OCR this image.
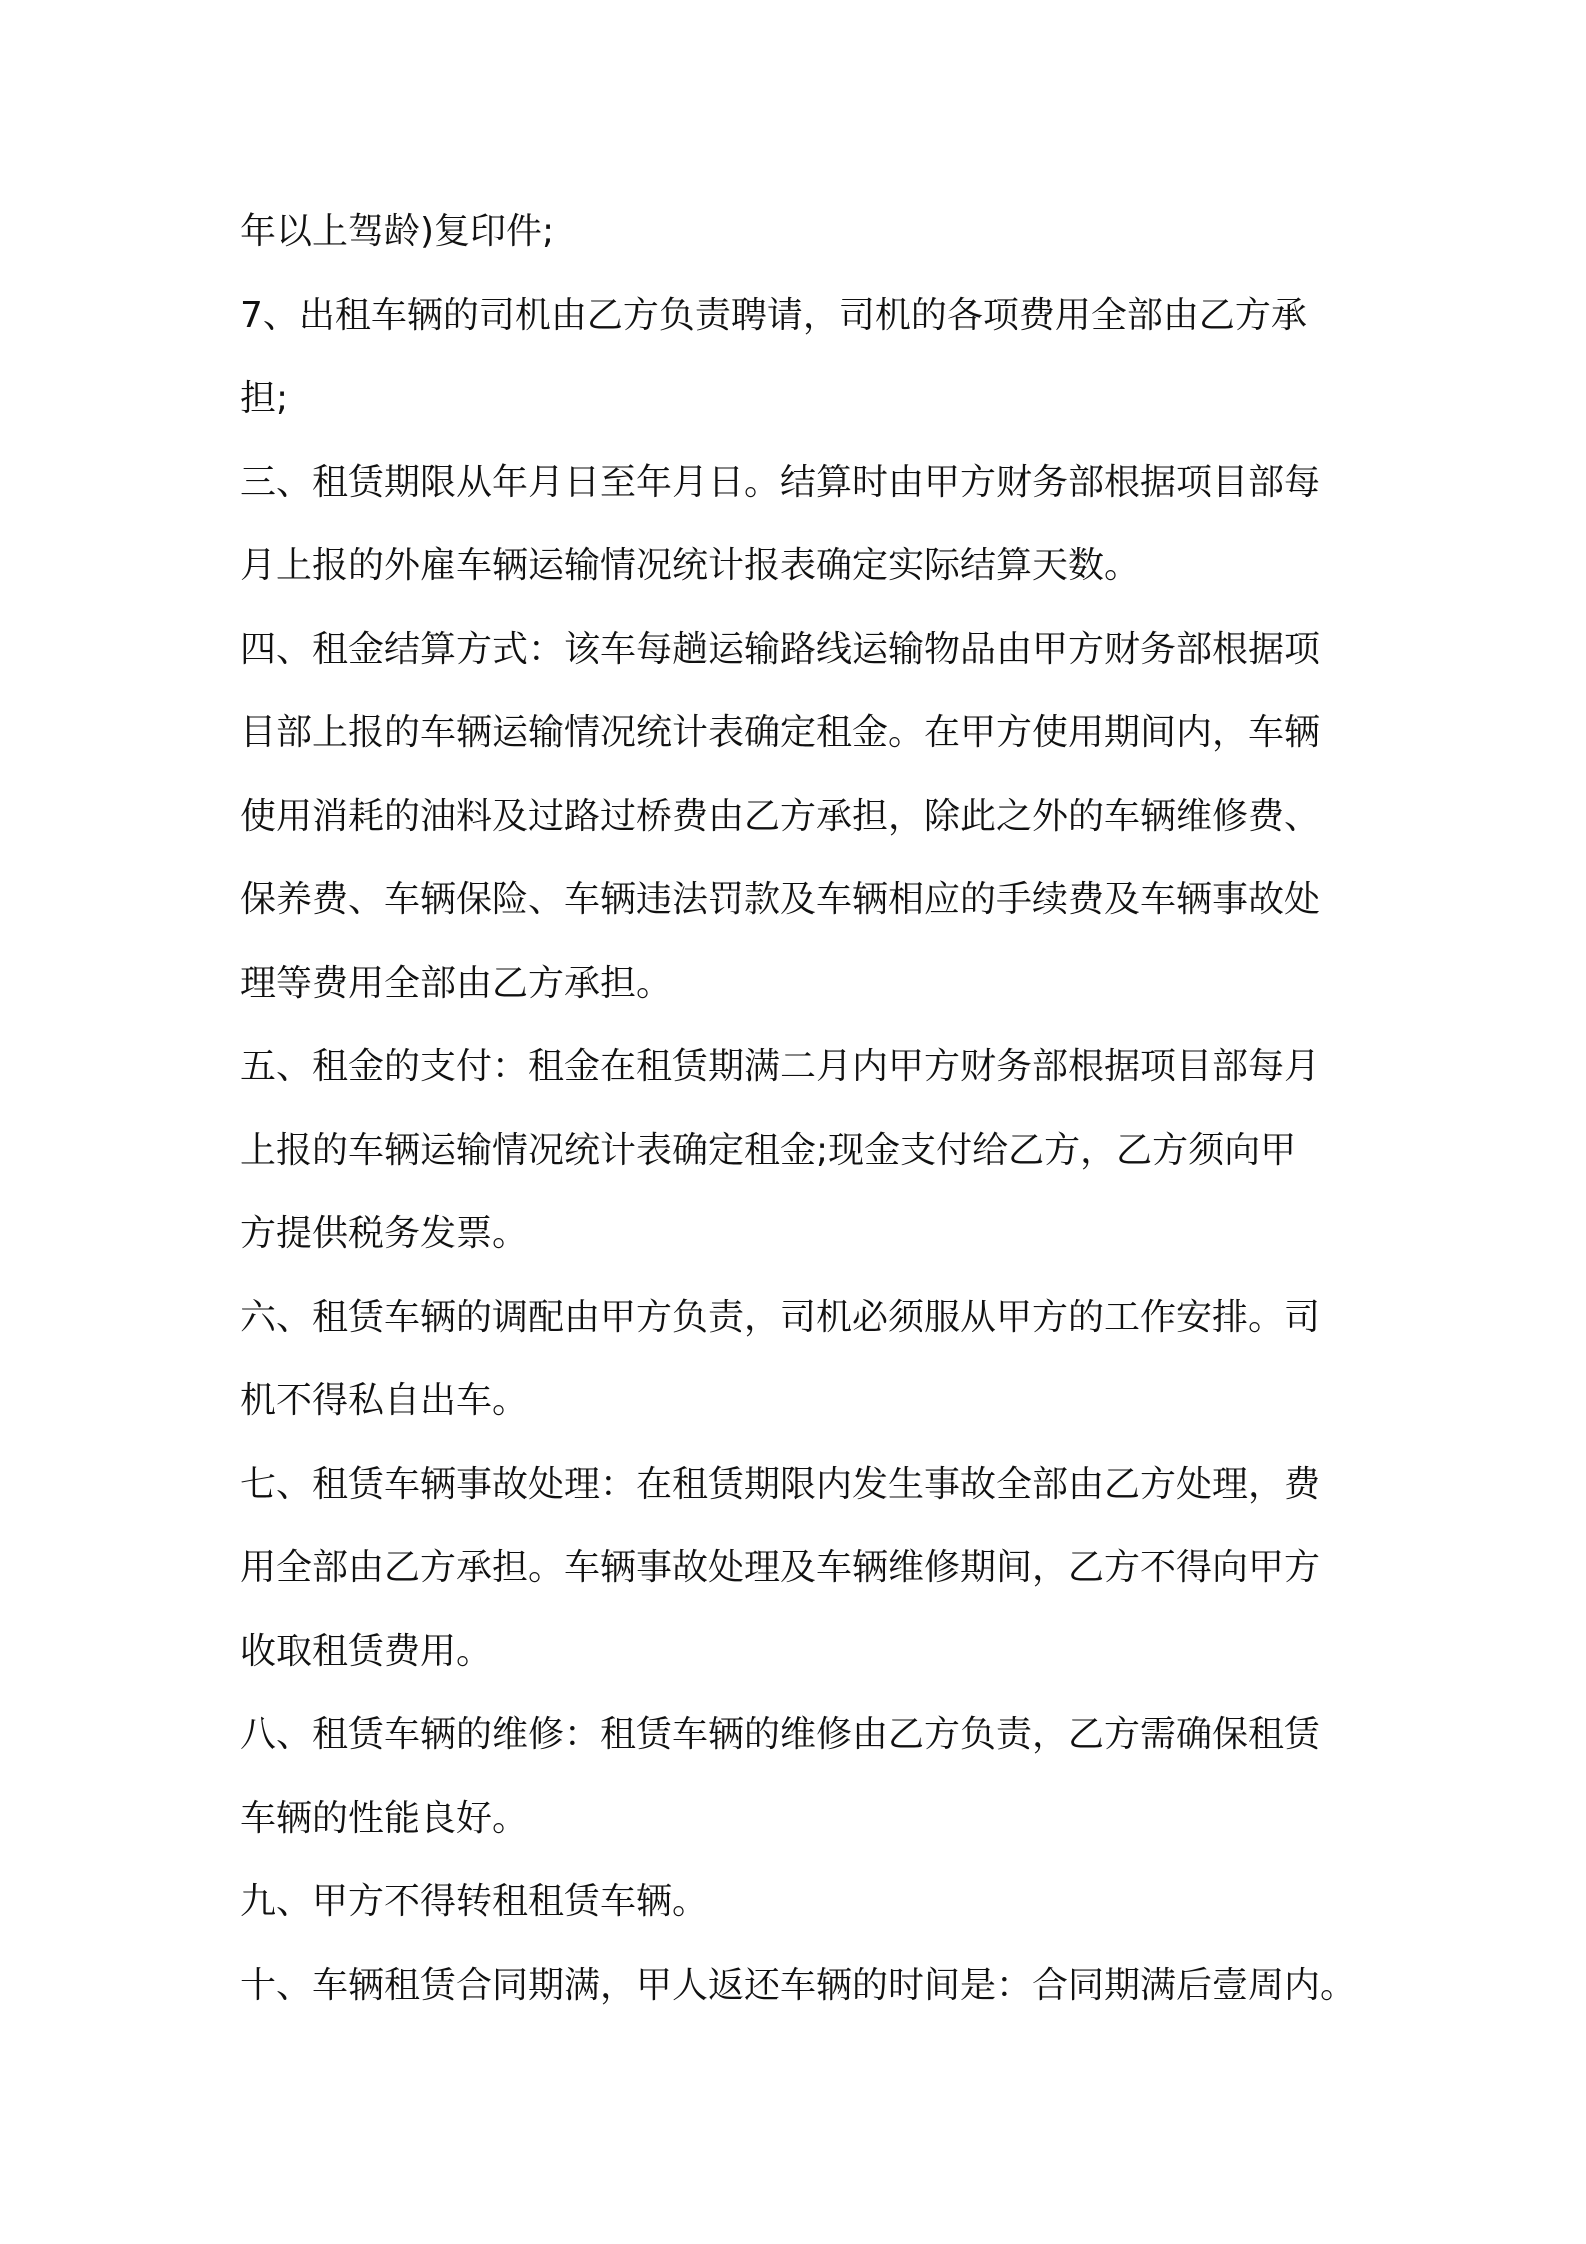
年以上驾龄)复印件;
7、出租车辆的司机由乙方负责聘请，司机的各项费用全部由乙方承
担;
三、租赁期限从年月日至年月日。结算时由甲方财务部根据项目部每
月上报的外雇车辆运输情况统计报表确定实际结算天数。
四、租金结算方式：该车每趟运输路线运输物品由甲方财务部根据项
目部上报的车辆运输情况统计表确定租金。在甲方使用期间内，车辆
使用消耗的油料及过路过桥费由乙方承担，除此之外的车辆维修费、
保养费、车辆保险、车辆违法罚款及车辆相应的手续费及车辆事故处
理等费用全部由乙方承担。
五、租金的支付：租金在租赁期满二月内甲方财务部根据项目部每月
上报的车辆运输情况统计表确定租金;现金支付给乙方，乙方须向甲
方提供税务发票。
六、租赁车辆的调配由甲方负责，司机必须服从甲方的工作安排。司
机不得私自出车。
七、租赁车辆事故处理：在租赁期限内发生事故全部由乙方处理，费
用全部由乙方承担。车辆事故处理及车辆维修期间，乙方不得向甲方
收取租赁费用。
八、租赁车辆的维修：租赁车辆的维修由乙方负责，乙方需确保租赁
车辆的性能良好。
九、甲方不得转租租赁车辆。
十、车辆租赁合同期满，甲人返还车辆的时间是：合同期满后壹周内。
